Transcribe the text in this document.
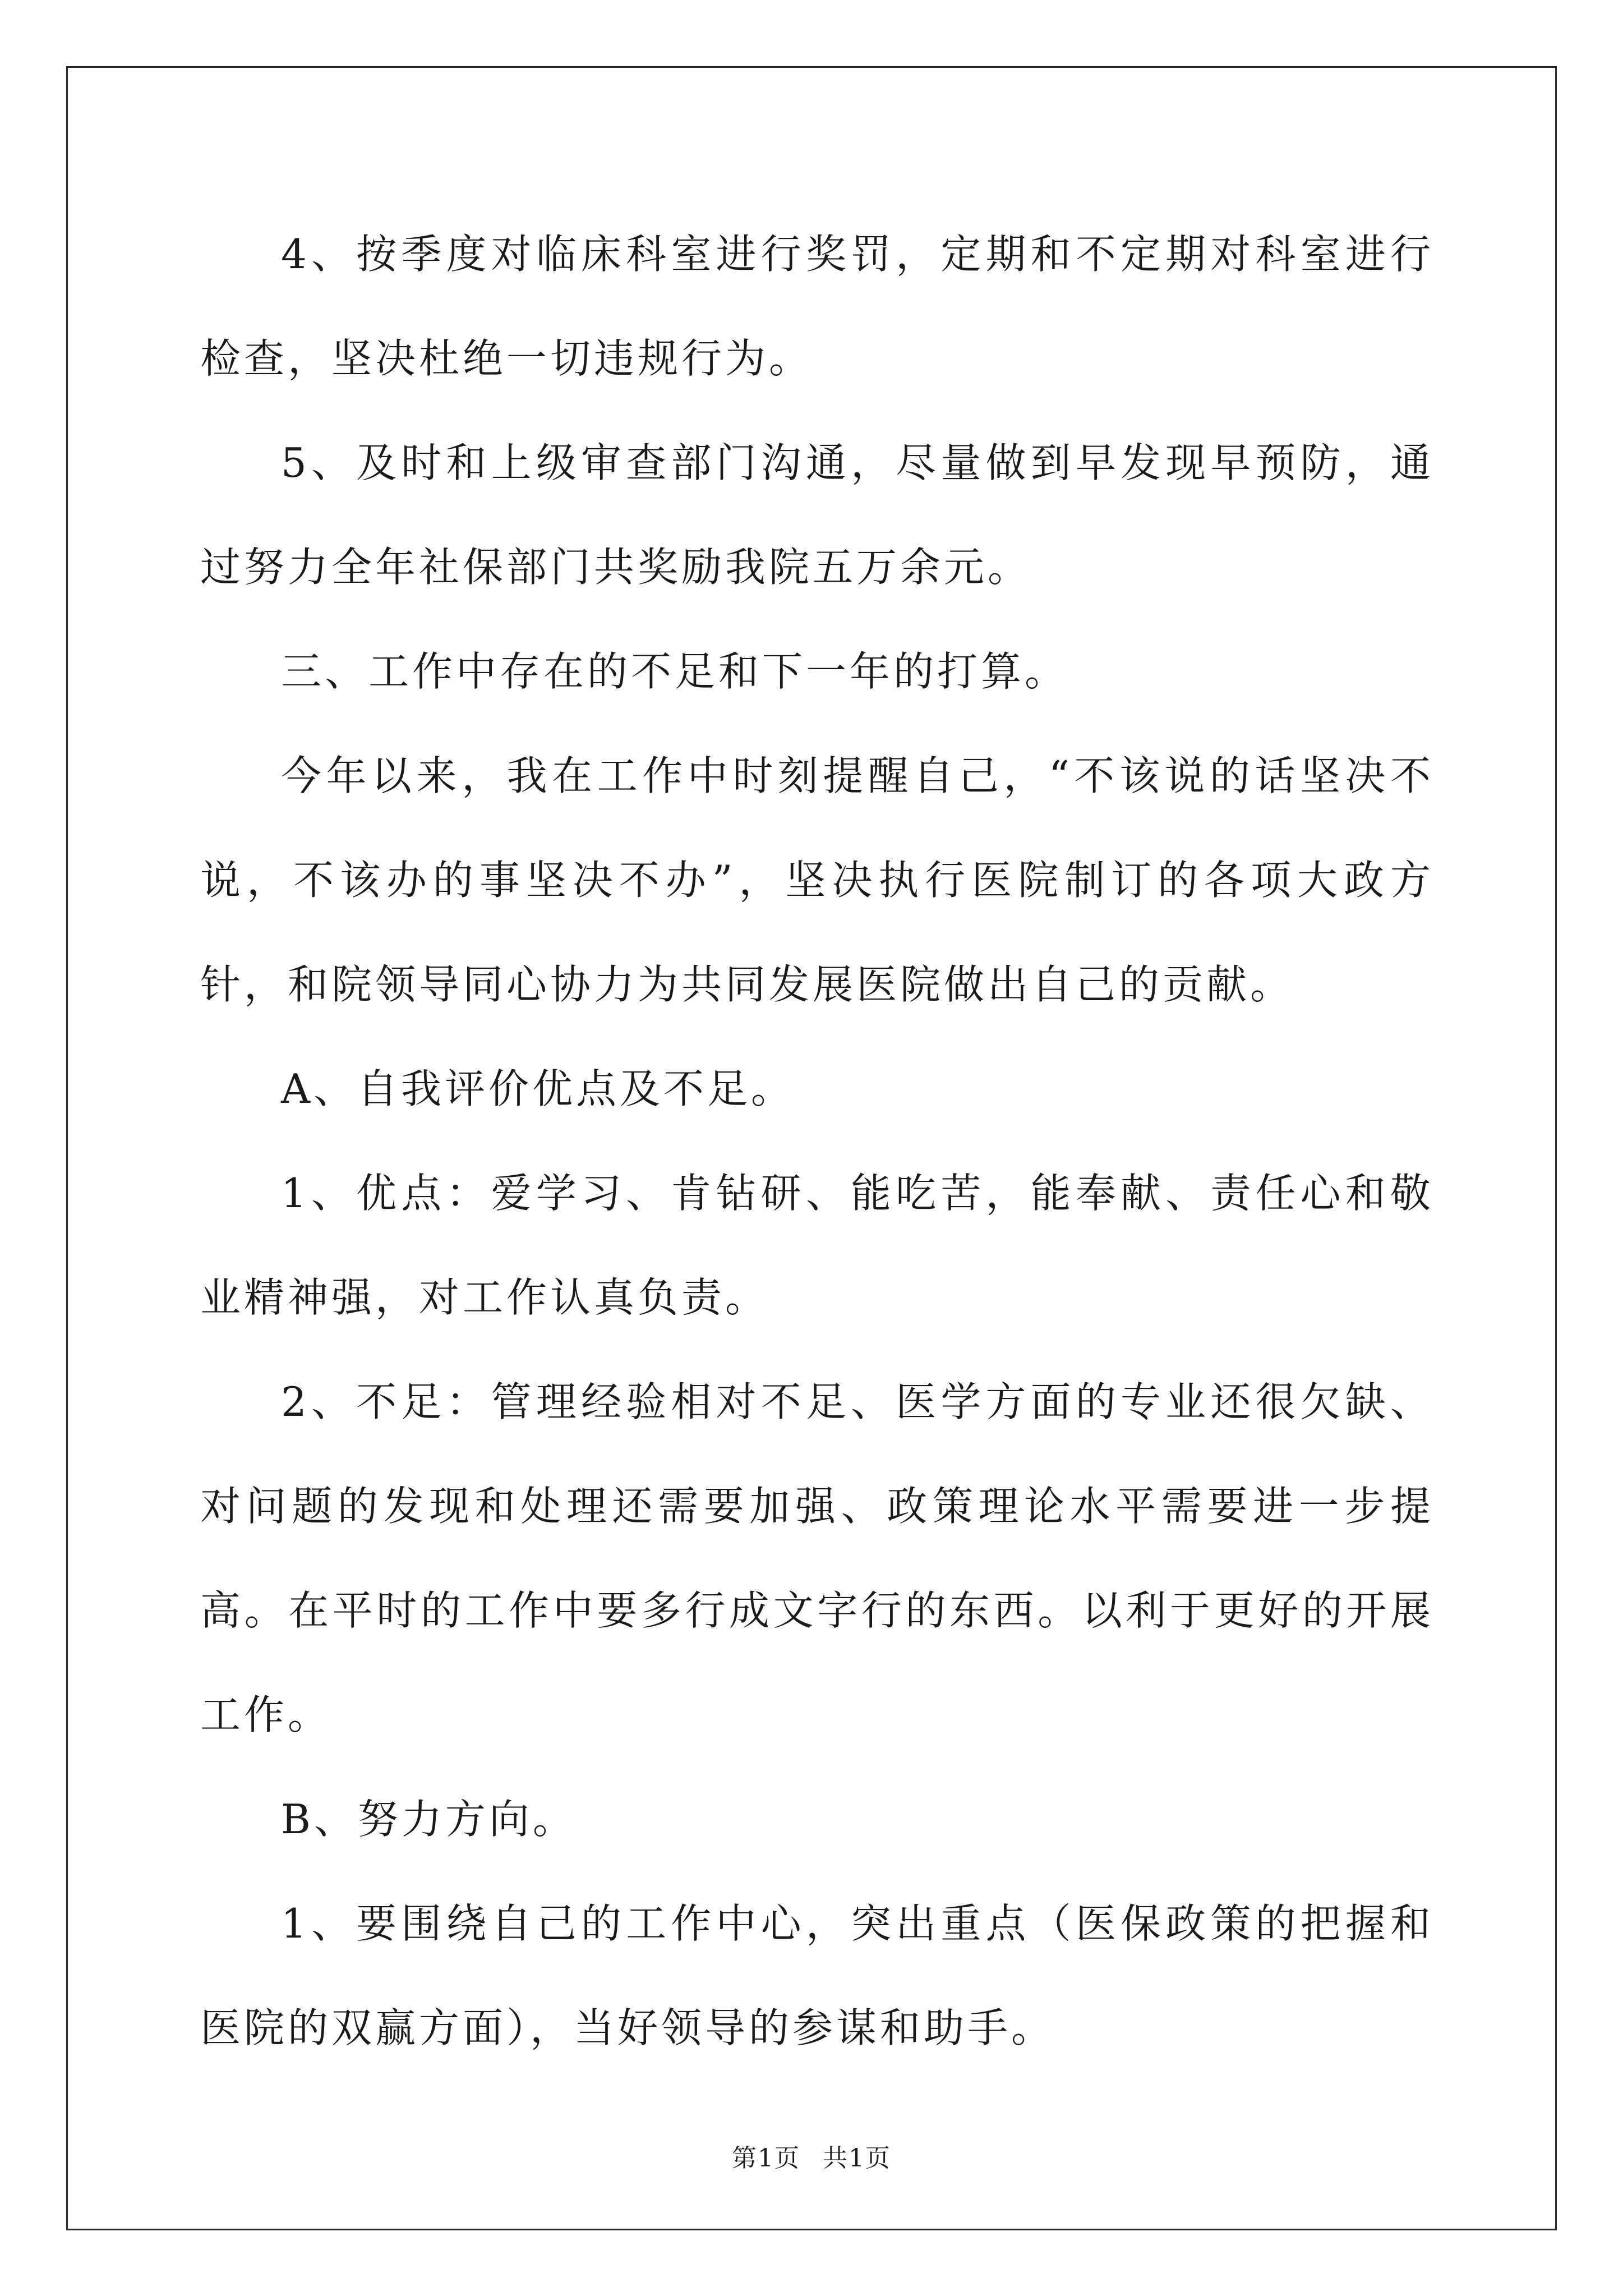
4、按季度对临床科室进行奖罚，定期和不定期对科室进行检查，坚决杜绝一切违规行为。

5、及时和上级审查部门沟通，尽量做到早发现早预防，通过努力全年社保部门共奖励我院五万余元。

三、工作中存在的不足和下一年的打算。

今年以来，我在工作中时刻提醒自己，“不该说的话坚决不说，不该办的事坚决不办”，坚决执行医院制订的各项大政方针，和院领导同心协力为共同发展医院做出自己的贡献。

A、自我评价优点及不足。

1、优点：爱学习、肯钻研、能吃苦，能奉献、责任心和敬业精神强，对工作认真负责。

2、不足：管理经验相对不足、医学方面的专业还很欠缺、对问题的发现和处理还需要加强、政策理论水平需要进一步提高。在平时的工作中要多行成文字行的东西。以利于更好的开展工作。

B、努力方向。

1、要围绕自己的工作中心，突出重点（医保政策的把握和医院的双赢方面），当好领导的参谋和助手。

第1页 共1页
